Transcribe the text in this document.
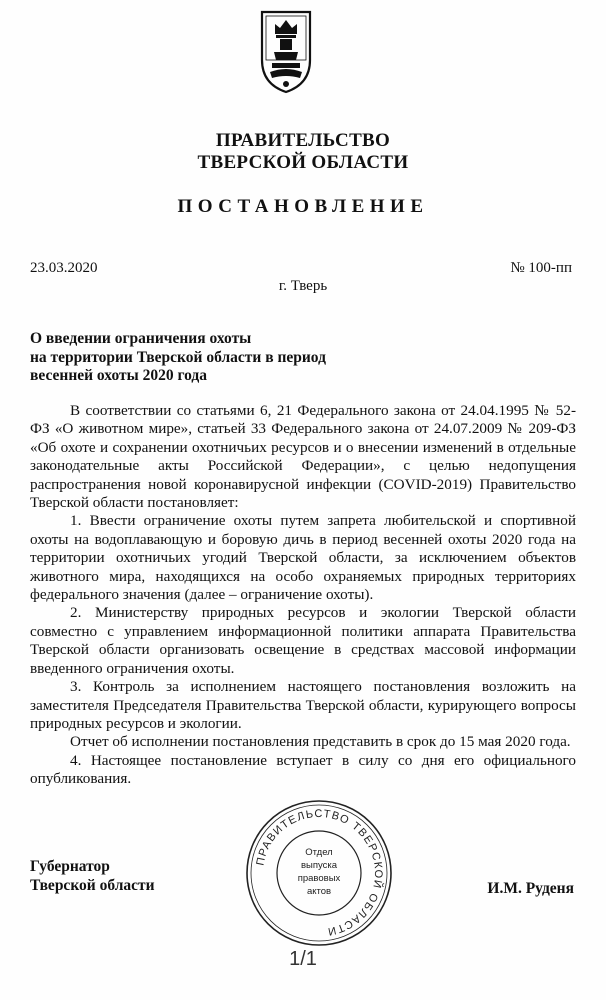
ПРАВИТЕЛЬСТВО
ТВЕРСКОЙ ОБЛАСТИ
ПОСТАНОВЛЕНИЕ
23.03.2020	№ 100-пп
г. Тверь
О введении ограничения охоты
на территории Тверской области в период
весенней охоты 2020 года

В соответствии со статьями 6, 21 Федерального закона от 24.04.1995 № 52-ФЗ «О животном мире», статьей 33 Федерального закона от 24.07.2009 № 209-ФЗ «Об охоте и сохранении охотничьих ресурсов и о внесении изменений в отдельные законодательные акты Российской Федерации», с целью недопущения распространения новой коронавирусной инфекции (COVID-2019) Правительство Тверской области постановляет:

1. Ввести ограничение охоты путем запрета любительской и спортивной охоты на водоплавающую и боровую дичь в период весенней охоты 2020 года на территории охотничьих угодий Тверской области, за исключением объектов животного мира, находящихся на особо охраняемых природных территориях федерального значения (далее – ограничение охоты).

2. Министерству природных ресурсов и экологии Тверской области совместно с управлением информационной политики аппарата Правительства Тверской области организовать освещение в средствах массовой информации введенного ограничения охоты.

3. Контроль за исполнением настоящего постановления возложить на заместителя Председателя Правительства Тверской области, курирующего вопросы природных ресурсов и экологии.

Отчет об исполнении постановления представить в срок до 15 мая 2020 года.

4. Настоящее постановление вступает в силу со дня его официального опубликования.

Губернатор
Тверской области	И.М. Руденя
ПРАВИТЕЛЬСТВО ТВЕРСКОЙ ОБЛАСТИ
Отдел
выпуска
правовых
актов
1/1
